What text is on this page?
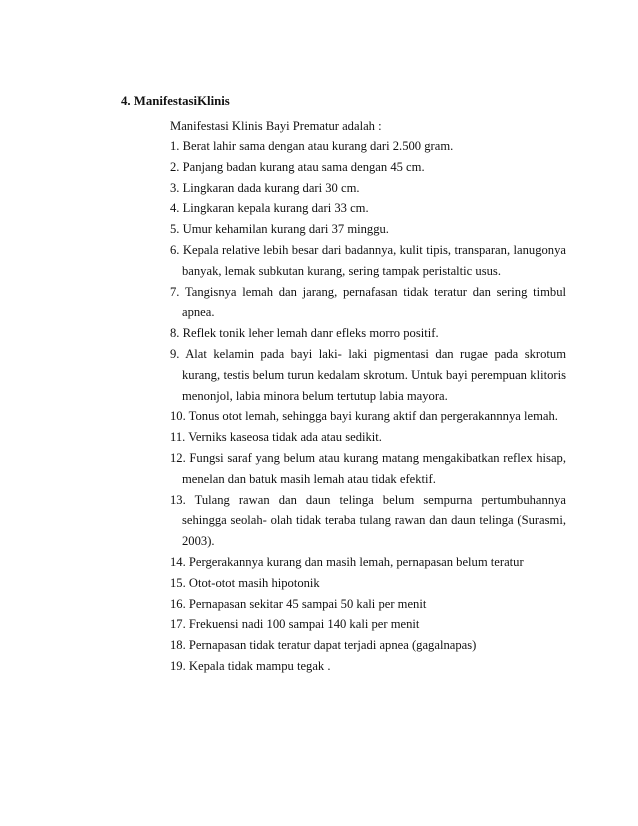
4. ManifestasiKlinis
Manifestasi Klinis Bayi Prematur adalah :
1. Berat lahir sama dengan atau kurang dari 2.500 gram.
2. Panjang badan kurang atau sama dengan 45 cm.
3. Lingkaran dada kurang dari 30 cm.
4. Lingkaran kepala kurang dari 33 cm.
5. Umur kehamilan kurang dari 37 minggu.
6. Kepala relative lebih besar dari badannya, kulit tipis, transparan, lanugonya banyak, lemak subkutan kurang, sering tampak peristaltic usus.
7. Tangisnya lemah dan jarang, pernafasan tidak teratur dan sering timbul apnea.
8. Reflek tonik leher lemah danr efleks morro positif.
9. Alat kelamin pada bayi laki- laki pigmentasi dan rugae pada skrotum kurang, testis belum turun kedalam skrotum. Untuk bayi perempuan klitoris menonjol, labia minora belum tertutup labia mayora.
10. Tonus otot lemah, sehingga bayi kurang aktif dan pergerakannnya lemah.
11. Verniks kaseosa tidak ada atau sedikit.
12. Fungsi saraf yang belum atau kurang matang mengakibatkan reflex hisap, menelan dan batuk masih lemah atau tidak efektif.
13. Tulang rawan dan daun telinga belum sempurna pertumbuhannya sehingga seolah- olah tidak teraba tulang rawan dan daun telinga (Surasmi, 2003).
14. Pergerakannya kurang dan masih lemah, pernapasan belum teratur
15. Otot-otot masih hipotonik
16. Pernapasan sekitar 45 sampai 50 kali per menit
17. Frekuensi nadi 100 sampai 140 kali per menit
18. Pernapasan tidak teratur dapat terjadi apnea (gagalnapas)
19. Kepala tidak mampu tegak .
